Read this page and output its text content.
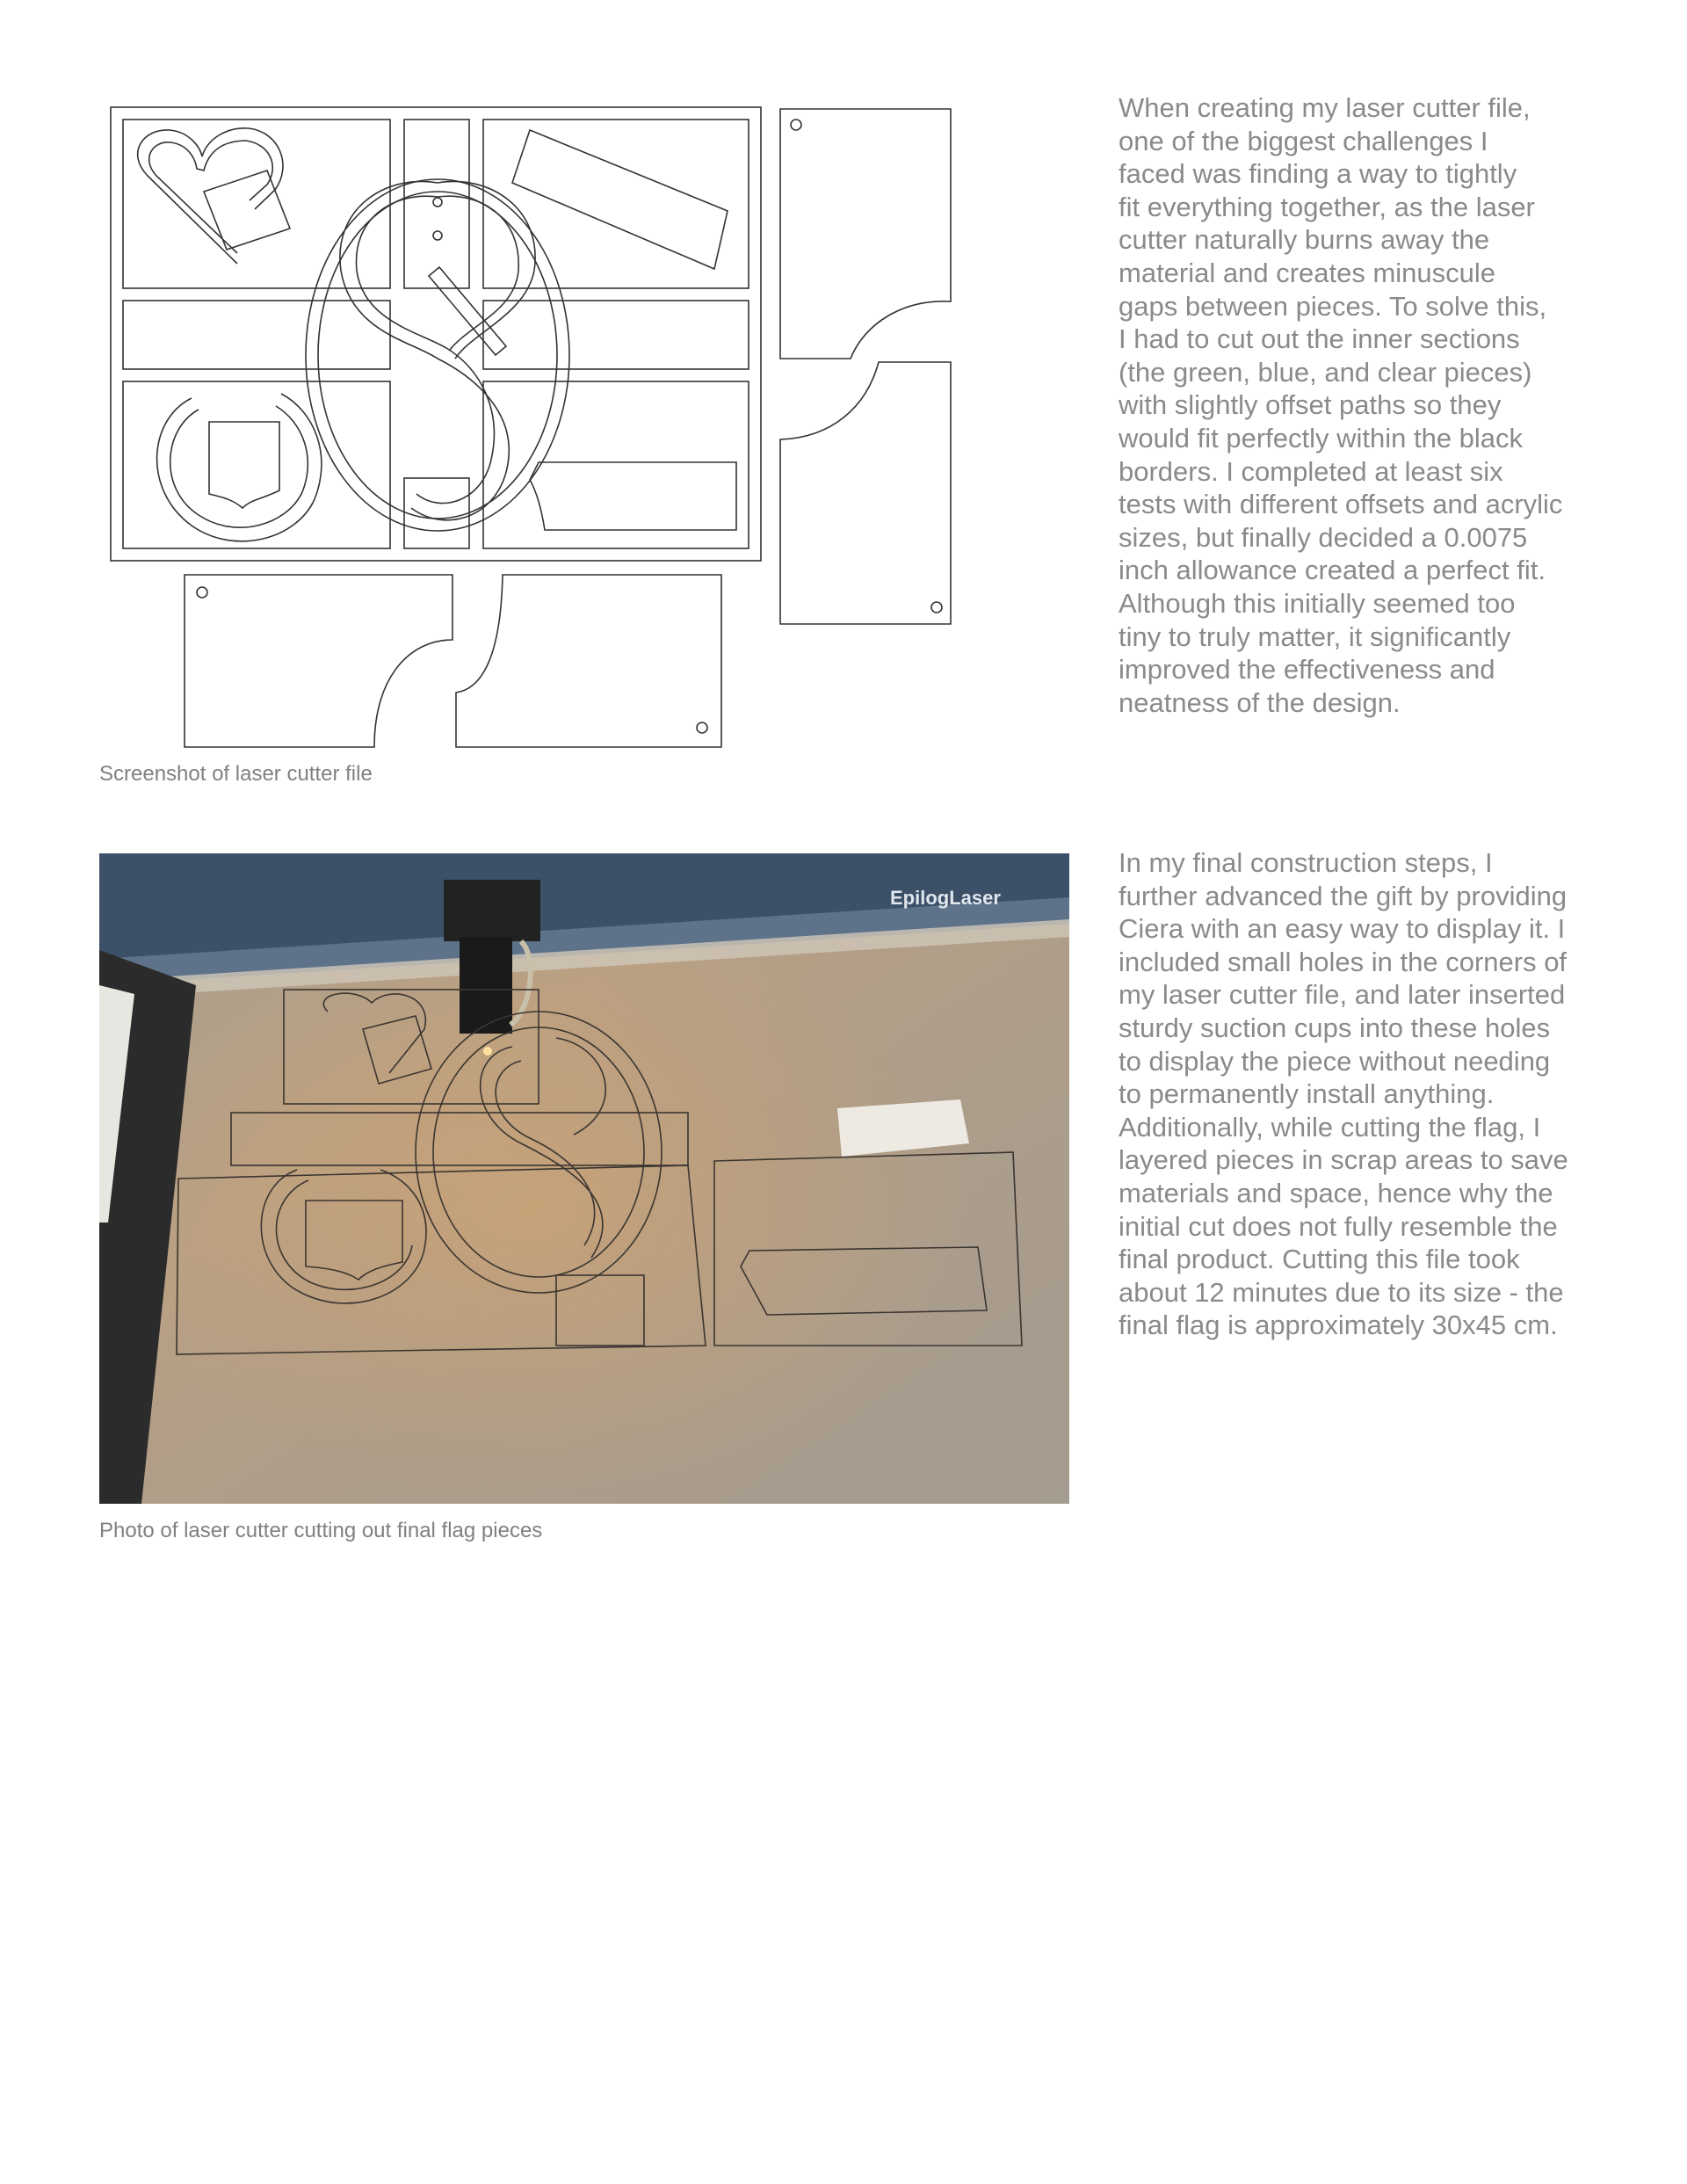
Screenshot of laser cutter file
When creating my laser cutter file,
one of the biggest challenges I
faced was finding a way to tightly
fit everything together, as the laser
cutter naturally burns away the
material and creates minuscule
gaps between pieces. To solve this,
I had to cut out the inner sections
(the green, blue, and clear pieces)
with slightly offset paths so they
would fit perfectly within the black
borders. I completed at least six
tests with different offsets and acrylic
sizes, but finally decided a 0.0075
inch allowance created a perfect fit.
Although this initially seemed too
tiny to truly matter, it significantly
improved the effectiveness and
neatness of the design.
EpilogLaser
Photo of laser cutter cutting out final flag pieces
In my final construction steps, I
further advanced the gift by providing
Ciera with an easy way to display it. I
included small holes in the corners of
my laser cutter file, and later inserted
sturdy suction cups into these holes
to display the piece without needing
to permanently install anything.
Additionally, while cutting the flag, I
layered pieces in scrap areas to save
materials and space, hence why the
initial cut does not fully resemble the
final product. Cutting this file took
about 12 minutes due to its size - the
final flag is approximately 30x45 cm.
